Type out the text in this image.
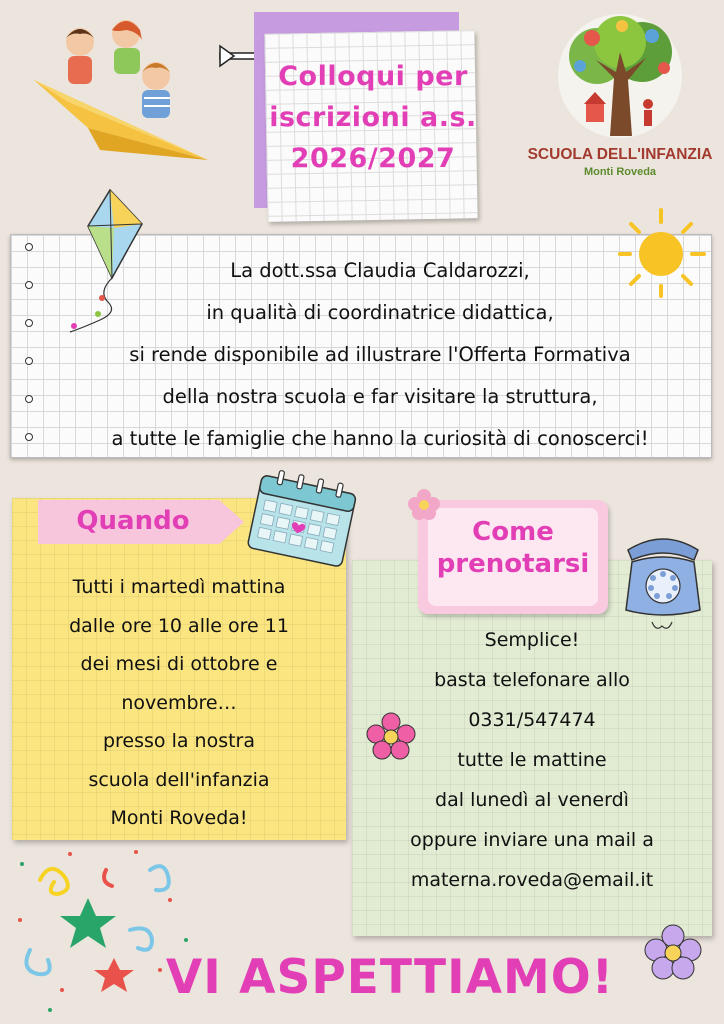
Colloqui per
iscrizioni a.s.
2026/2027	SCUOLA DELL'INFANZIA
Monti Roveda
La dott.ssa Claudia Caldarozzi,
in qualità di coordinatrice didattica,
si rende disponibile ad illustrare l'Offerta Formativa
della nostra scuola e far visitare la struttura,
a tutte le famiglie che hanno la curiosità di conoscerci!
Quando
Tutti i martedì mattina
dalle ore 10 alle ore 11
dei mesi di ottobre e
novembre…
presso la nostra
scuola dell'infanzia
Monti Roveda!
Come
prenotarsi
Semplice!
basta telefonare allo
0331/547474
tutte le mattine
dal lunedì al venerdì
oppure inviare una mail a
materna.roveda@email.it
VI ASPETTIAMO!
